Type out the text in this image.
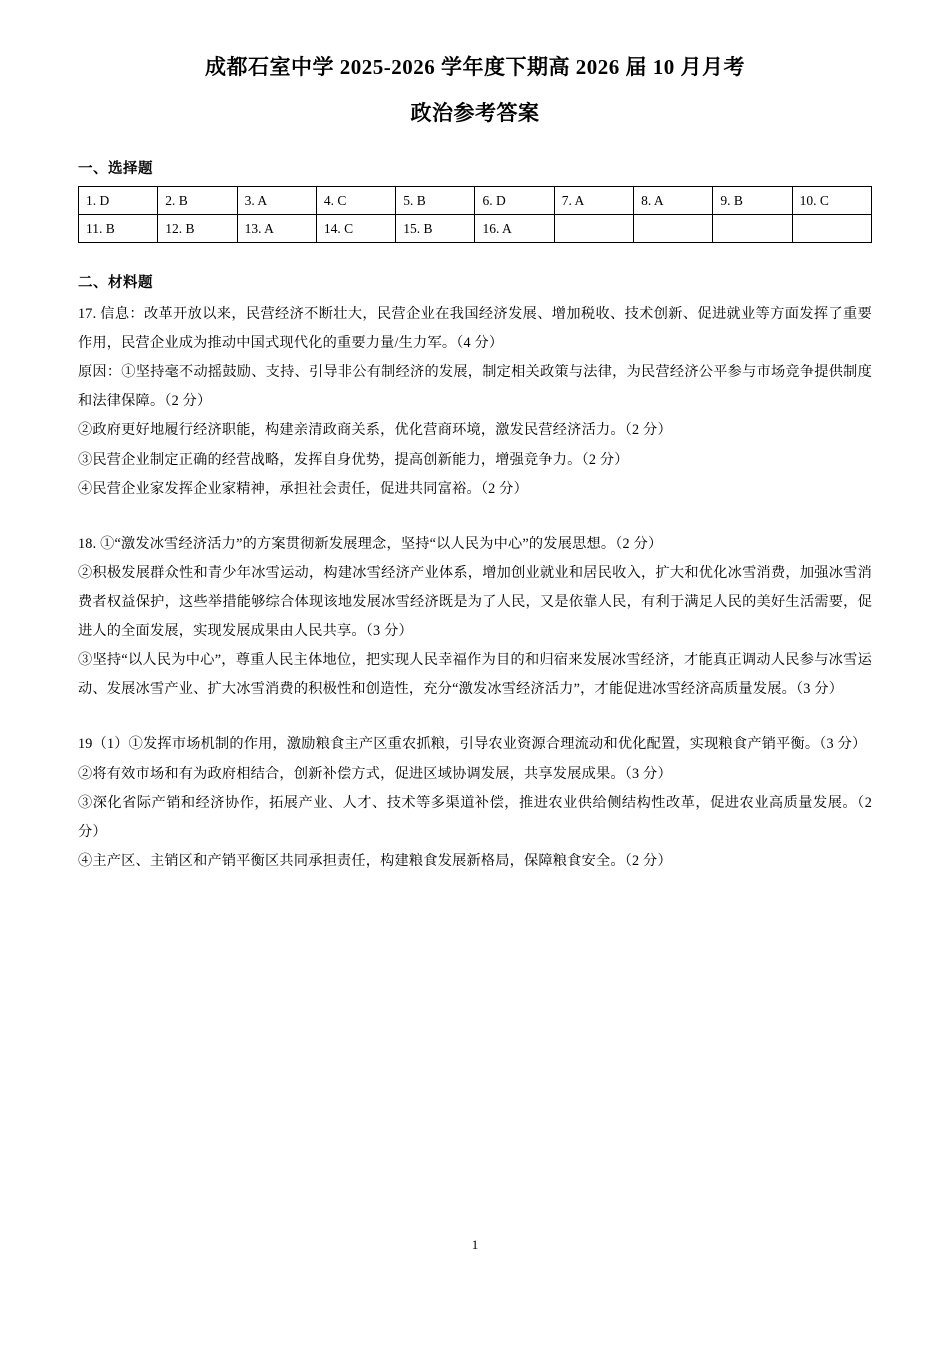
成都石室中学 2025-2026 学年度下期高 2026 届 10 月月考
政治参考答案
一、选择题
1. D	2. B	3. A	4. C	5. B	6. D	7. A	8. A	9. B	10. C
11. B	12. B	13. A	14. C	15. B	16. A				
二、材料题

17. 信息：改革开放以来，民营经济不断壮大，民营企业在我国经济发展、增加税收、技术创新、促进就业等方面发挥了重要作用，民营企业成为推动中国式现代化的重要力量/生力军。（4 分）

原因：①坚持毫不动摇鼓励、支持、引导非公有制经济的发展，制定相关政策与法律，为民营经济公平参与市场竞争提供制度和法律保障。（2 分）

②政府更好地履行经济职能，构建亲清政商关系，优化营商环境，激发民营经济活力。（2 分）

③民营企业制定正确的经营战略，发挥自身优势，提高创新能力，增强竞争力。（2 分）

④民营企业家发挥企业家精神，承担社会责任，促进共同富裕。（2 分）

18. ①“激发冰雪经济活力”的方案贯彻新发展理念，坚持“以人民为中心”的发展思想。（2 分）

②积极发展群众性和青少年冰雪运动，构建冰雪经济产业体系，增加创业就业和居民收入，扩大和优化冰雪消费，加强冰雪消费者权益保护，这些举措能够综合体现该地发展冰雪经济既是为了人民，又是依靠人民，有利于满足人民的美好生活需要，促进人的全面发展，实现发展成果由人民共享。（3 分）

③坚持“以人民为中心”，尊重人民主体地位，把实现人民幸福作为目的和归宿来发展冰雪经济，才能真正调动人民参与冰雪运动、发展冰雪产业、扩大冰雪消费的积极性和创造性，充分“激发冰雪经济活力”，才能促进冰雪经济高质量发展。（3 分）

19（1）①发挥市场机制的作用，激励粮食主产区重农抓粮，引导农业资源合理流动和优化配置，实现粮食产销平衡。（3 分）

②将有效市场和有为政府相结合，创新补偿方式，促进区域协调发展，共享发展成果。（3 分）

③深化省际产销和经济协作，拓展产业、人才、技术等多渠道补偿，推进农业供给侧结构性改革，促进农业高质量发展。（2 分）

④主产区、主销区和产销平衡区共同承担责任，构建粮食发展新格局，保障粮食安全。（2 分）

1
